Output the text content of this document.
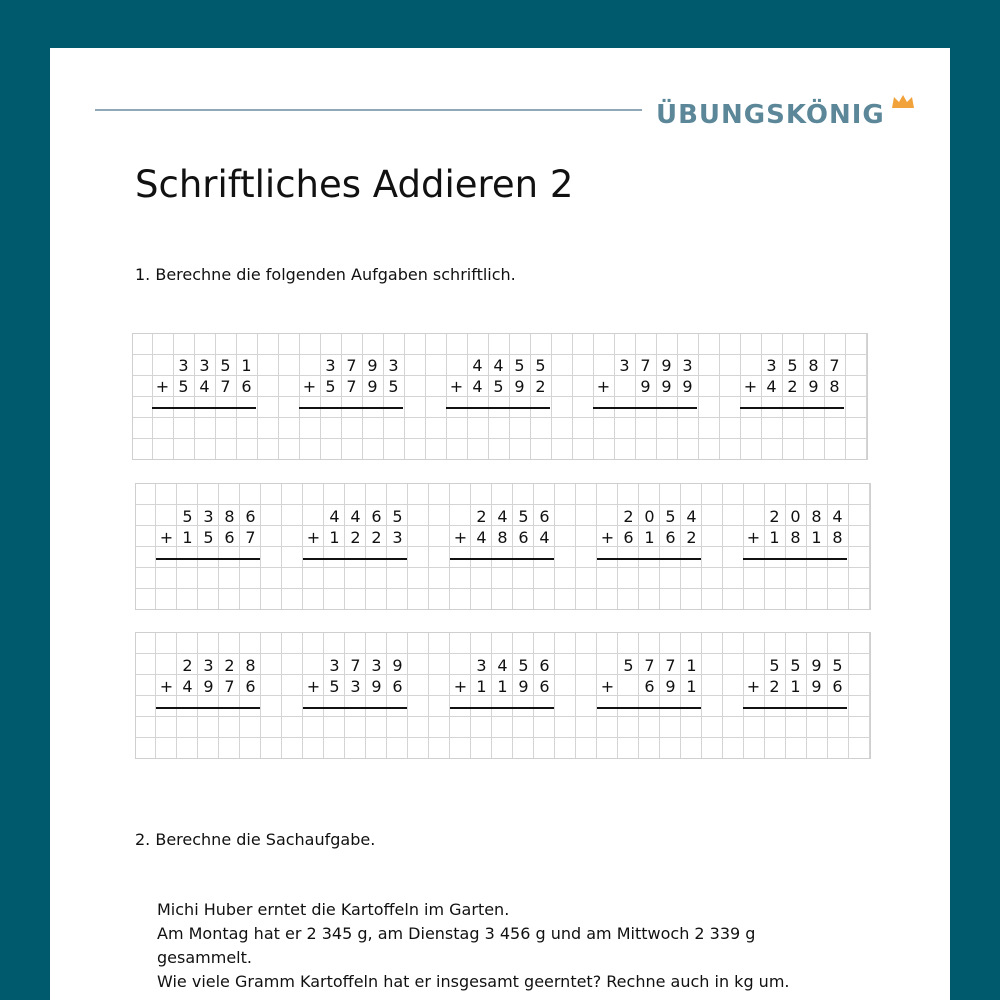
ÜBUNGSKÖNIG
Schriftliches Addieren 2
1. Berechne die folgenden Aufgaben schriftlich.
3 3 5 1
5 4 7 6
+
3 7 9 3
5 7 9 5
+
4 4 5 5
4 5 9 2
+
3 7 9 3
9 9 9
+
3 5 8 7
4 2 9 8
+
5 3 8 6
1 5 6 7
+
4 4 6 5
1 2 2 3
+
2 4 5 6
4 8 6 4
+
2 0 5 4
6 1 6 2
+
2 0 8 4
1 8 1 8
+
2 3 2 8
4 9 7 6
+
3 7 3 9
5 3 9 6
+
3 4 5 6
1 1 9 6
+
5 7 7 1
6 9 1
+
5 5 9 5
2 1 9 6
+
2. Berechne die Sachaufgabe.
Michi Huber erntet die Kartoffeln im Garten.
Am Montag hat er 2 345 g, am Dienstag 3 456 g und am Mittwoch 2 339 g
gesammelt.
Wie viele Gramm Kartoffeln hat er insgesamt geerntet? Rechne auch in kg um.
